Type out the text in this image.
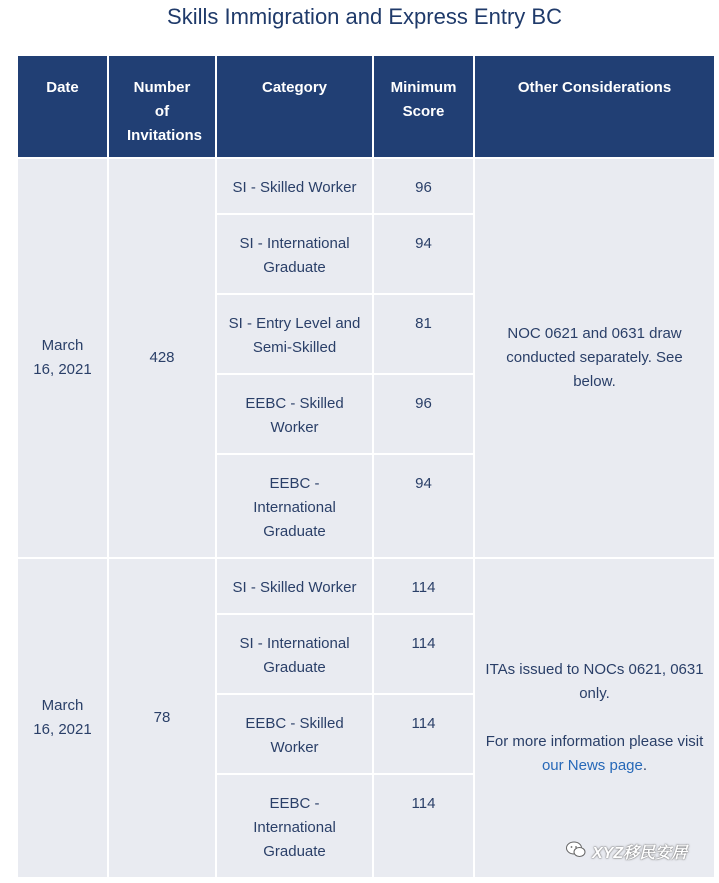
Skills Immigration and Express Entry BC
Date	Number of Invitations	Category	Minimum Score	Other Considerations

March 16, 2021	428	SI - Skilled Worker	96	NOC 0621 and 0631 draw conducted separately. See below.
		SI - International Graduate	94	
		SI - Entry Level and Semi-Skilled	81	

		EEBC - Skilled Worker	96	

		EEBC - International Graduate	94	

March 16, 2021	78	SI - Skilled Worker	114	ITAs issued to NOCs 0621, 0631 only.
For more information please visit our News page.

		SI - International Graduate	114	

		EEBC - Skilled Worker	114	

		EEBC - International Graduate	114	
XYZ移民安居
